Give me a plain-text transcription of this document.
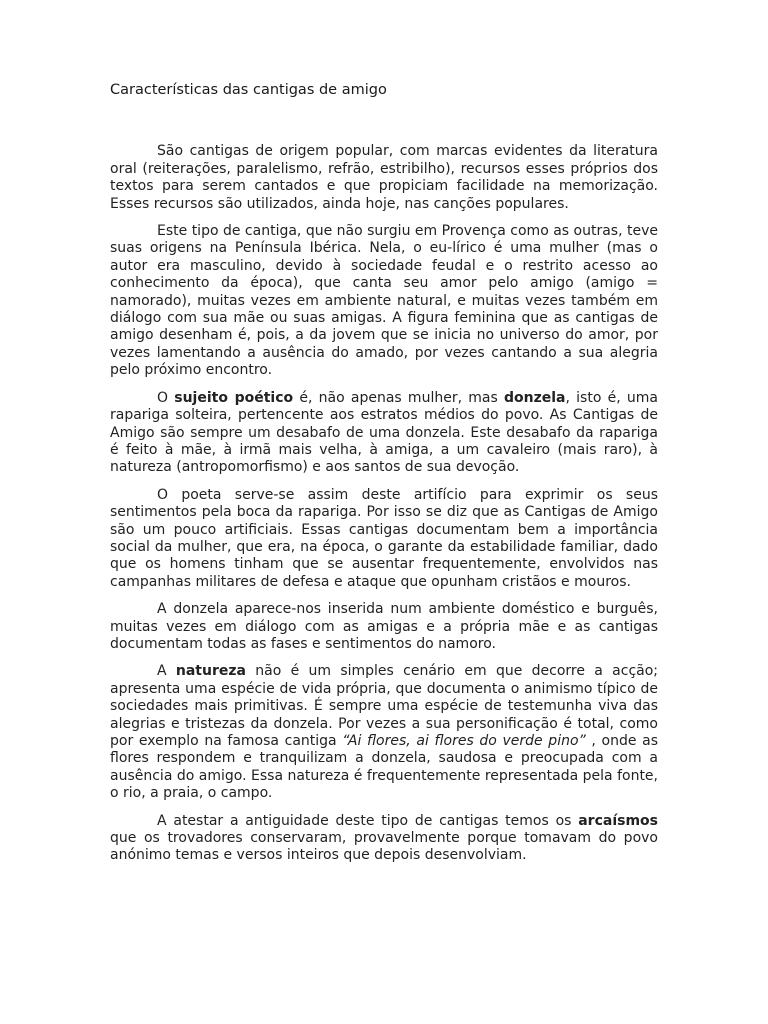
Características das cantigas de amigo

São cantigas de origem popular, com marcas evidentes da literatura oral (reiterações, paralelismo, refrão, estribilho), recursos esses próprios dos textos para serem cantados e que propiciam facilidade na memorização. Esses recursos são utilizados, ainda hoje, nas canções populares.

Este tipo de cantiga, que não surgiu em Provença como as outras, teve suas origens na Península Ibérica. Nela, o eu-lírico é uma mulher (mas o autor era masculino, devido à sociedade feudal e o restrito acesso ao conhecimento da época), que canta seu amor pelo amigo (amigo = namorado), muitas vezes em ambiente natural, e muitas vezes também em diálogo com sua mãe ou suas amigas. A figura feminina que as cantigas de amigo desenham é, pois, a da jovem que se inicia no universo do amor, por vezes lamentando a ausência do amado, por vezes cantando a sua alegria pelo próximo encontro.

O sujeito poético é, não apenas mulher, mas donzela, isto é, uma rapariga solteira, pertencente aos estratos médios do povo. As Cantigas de Amigo são sempre um desabafo de uma donzela. Este desabafo da rapariga é feito à mãe, à irmã mais velha, à amiga, a um cavaleiro (mais raro), à natureza (antropomorfismo) e aos santos de sua devoção.

O poeta serve-se assim deste artifício para exprimir os seus sentimentos pela boca da rapariga. Por isso se diz que as Cantigas de Amigo são um pouco artificiais. Essas cantigas documentam bem a importância social da mulher, que era, na época, o garante da estabilidade familiar, dado que os homens tinham que se ausentar frequentemente, envolvidos nas campanhas militares de defesa e ataque que opunham cristãos e mouros.

A donzela aparece-nos inserida num ambiente doméstico e burguês, muitas vezes em diálogo com as amigas e a própria mãe e as cantigas documentam todas as fases e sentimentos do namoro.

A natureza não é um simples cenário em que decorre a acção; apresenta uma espécie de vida própria, que documenta o animismo típico de sociedades mais primitivas. É sempre uma espécie de testemunha viva das alegrias e tristezas da donzela. Por vezes a sua personificação é total, como por exemplo na famosa cantiga “Ai flores, ai flores do verde pino” , onde as flores respondem e tranquilizam a donzela, saudosa e preocupada com a ausência do amigo. Essa natureza é frequentemente representada pela fonte, o rio, a praia, o campo.

A atestar a antiguidade deste tipo de cantigas temos os arcaísmos que os trovadores conservaram, provavelmente porque tomavam do povo anónimo temas e versos inteiros que depois desenvolviam.
